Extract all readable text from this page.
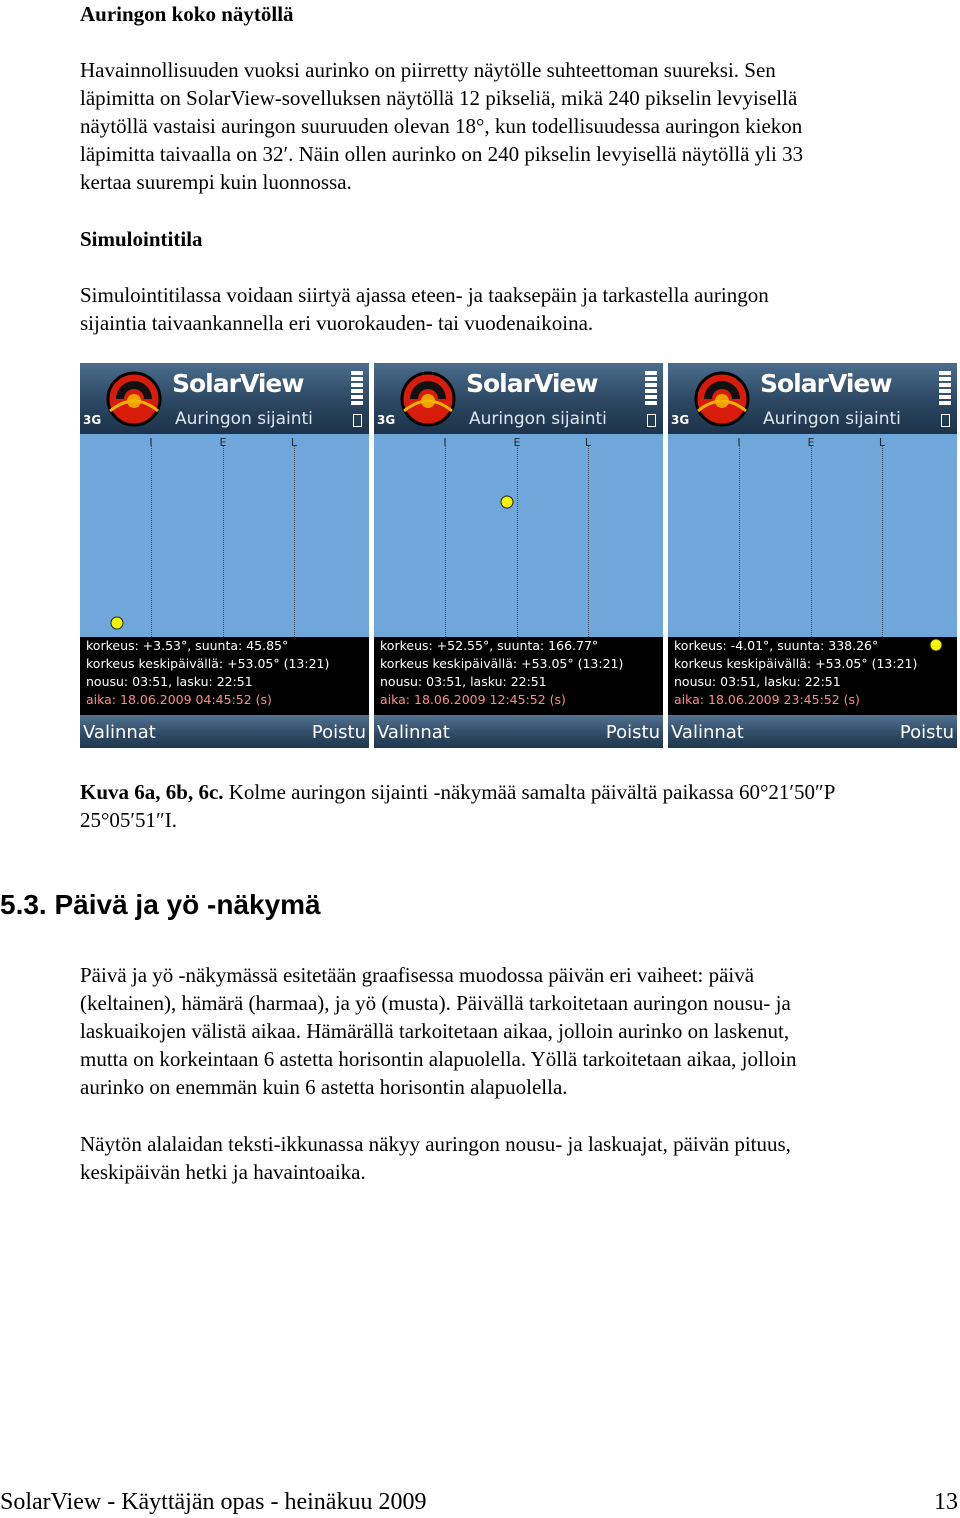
Auringon koko näytöllä
Havainnollisuuden vuoksi aurinko on piirretty näytölle suhteettoman suureksi. Sen
läpimitta on SolarView-sovelluksen näytöllä 12 pikseliä, mikä 240 pikselin levyisellä
näytöllä vastaisi auringon suuruuden olevan 18°, kun todellisuudessa auringon kiekon
läpimitta taivaalla on 32′. Näin ollen aurinko on 240 pikselin levyisellä näytöllä yli 33
kertaa suurempi kuin luonnossa.
Simulointitila
Simulointitilassa voidaan siirtyä ajassa eteen- ja taaksepäin ja tarkastella auringon
sijaintia taivaankannella eri vuorokauden- tai vuodenaikoina.
3G
SolarView
Auringon sijainti
I	E	L
korkeus: +3.53°, suunta: 45.85°
korkeus keskipäivällä: +53.05° (13:21)
nousu: 03:51, lasku: 22:51
aika: 18.06.2009 04:45:52 (s)
Valinnat	Poistu
3G
SolarView
Auringon sijainti
I	E	L
korkeus: +52.55°, suunta: 166.77°
korkeus keskipäivällä: +53.05° (13:21)
nousu: 03:51, lasku: 22:51
aika: 18.06.2009 12:45:52 (s)
Valinnat	Poistu
3G
SolarView
Auringon sijainti
I	E	L
korkeus: -4.01°, suunta: 338.26°
korkeus keskipäivällä: +53.05° (13:21)
nousu: 03:51, lasku: 22:51
aika: 18.06.2009 23:45:52 (s)
Valinnat	Poistu
Kuva 6a, 6b, 6c. Kolme auringon sijainti -näkymää samalta päivältä paikassa 60°21′50″P
25°05′51″I.
5.3. Päivä ja yö -näkymä
Päivä ja yö -näkymässä esitetään graafisessa muodossa päivän eri vaiheet: päivä
(keltainen), hämärä (harmaa), ja yö (musta). Päivällä tarkoitetaan auringon nousu- ja
laskuaikojen välistä aikaa. Hämärällä tarkoitetaan aikaa, jolloin aurinko on laskenut,
mutta on korkeintaan 6 astetta horisontin alapuolella. Yöllä tarkoitetaan aikaa, jolloin
aurinko on enemmän kuin 6 astetta horisontin alapuolella.
Näytön alalaidan teksti-ikkunassa näkyy auringon nousu- ja laskuajat, päivän pituus,
keskipäivän hetki ja havaintoaika.
SolarView - Käyttäjän opas - heinäkuu 2009	13
